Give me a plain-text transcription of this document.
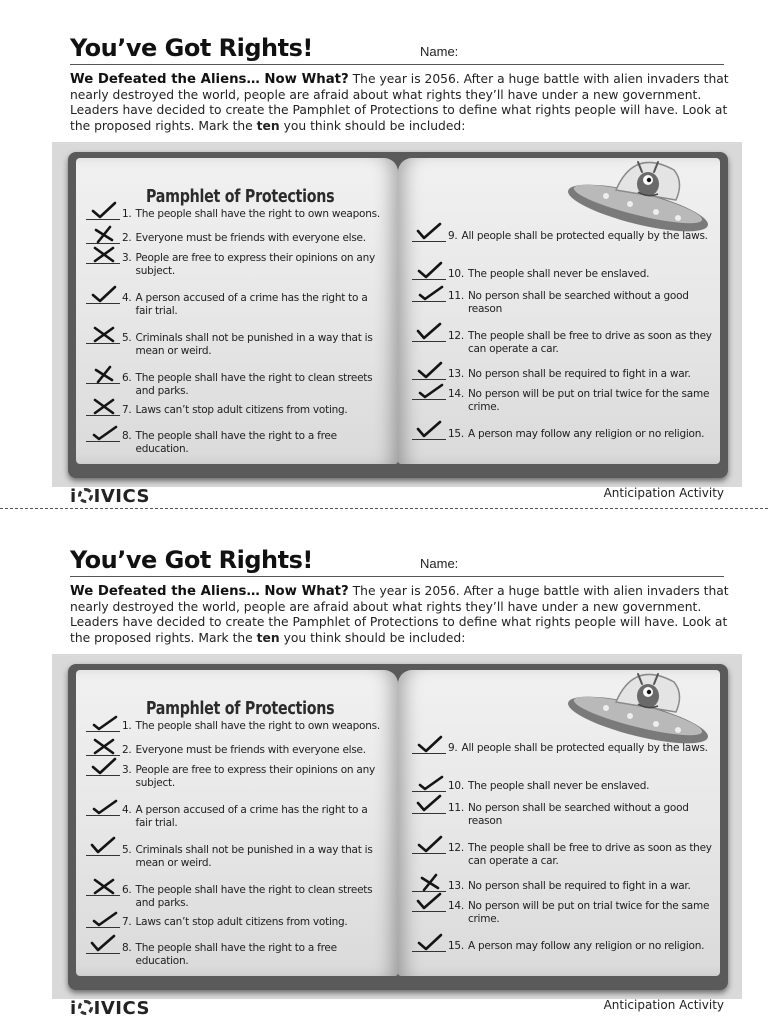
You’ve Got Rights!	Name:
We Defeated the Aliens… Now What? The year is 2056. After a huge battle with alien invaders that nearly destroyed the world, people are afraid about what rights they’ll have under a new government. Leaders have decided to create the Pamphlet of Protections to define what rights people will have. Look at the proposed rights. Mark the ten you think should be included:
Pamphlet of Protections
1. The people shall have the right to own weapons.
2. Everyone must be friends with everyone else.
3. People are free to express their opinions on any subject.
4. A person accused of a crime has the right to a fair trial.
5. Criminals shall not be punished in a way that is mean or weird.
6. The people shall have the right to clean streets and parks.
7. Laws can’t stop adult citizens from voting.
8. The people shall have the right to a free education.
9. All people shall be protected equally by the laws.
10. The people shall never be enslaved.
11. No person shall be searched without a good reason
12. The people shall be free to drive as soon as they can operate a car.
13. No person shall be required to fight in a war.
14. No person will be put on trial twice for the same crime.
15. A person may follow any religion or no religion.
i IVICS	Anticipation Activity
You’ve Got Rights!	Name:
We Defeated the Aliens… Now What? The year is 2056. After a huge battle with alien invaders that nearly destroyed the world, people are afraid about what rights they’ll have under a new government. Leaders have decided to create the Pamphlet of Protections to define what rights people will have. Look at the proposed rights. Mark the ten you think should be included:
Pamphlet of Protections
1. The people shall have the right to own weapons.
2. Everyone must be friends with everyone else.
3. People are free to express their opinions on any subject.
4. A person accused of a crime has the right to a fair trial.
5. Criminals shall not be punished in a way that is mean or weird.
6. The people shall have the right to clean streets and parks.
7. Laws can’t stop adult citizens from voting.
8. The people shall have the right to a free education.
9. All people shall be protected equally by the laws.
10. The people shall never be enslaved.
11. No person shall be searched without a good reason
12. The people shall be free to drive as soon as they can operate a car.
13. No person shall be required to fight in a war.
14. No person will be put on trial twice for the same crime.
15. A person may follow any religion or no religion.
i IVICS	Anticipation Activity
